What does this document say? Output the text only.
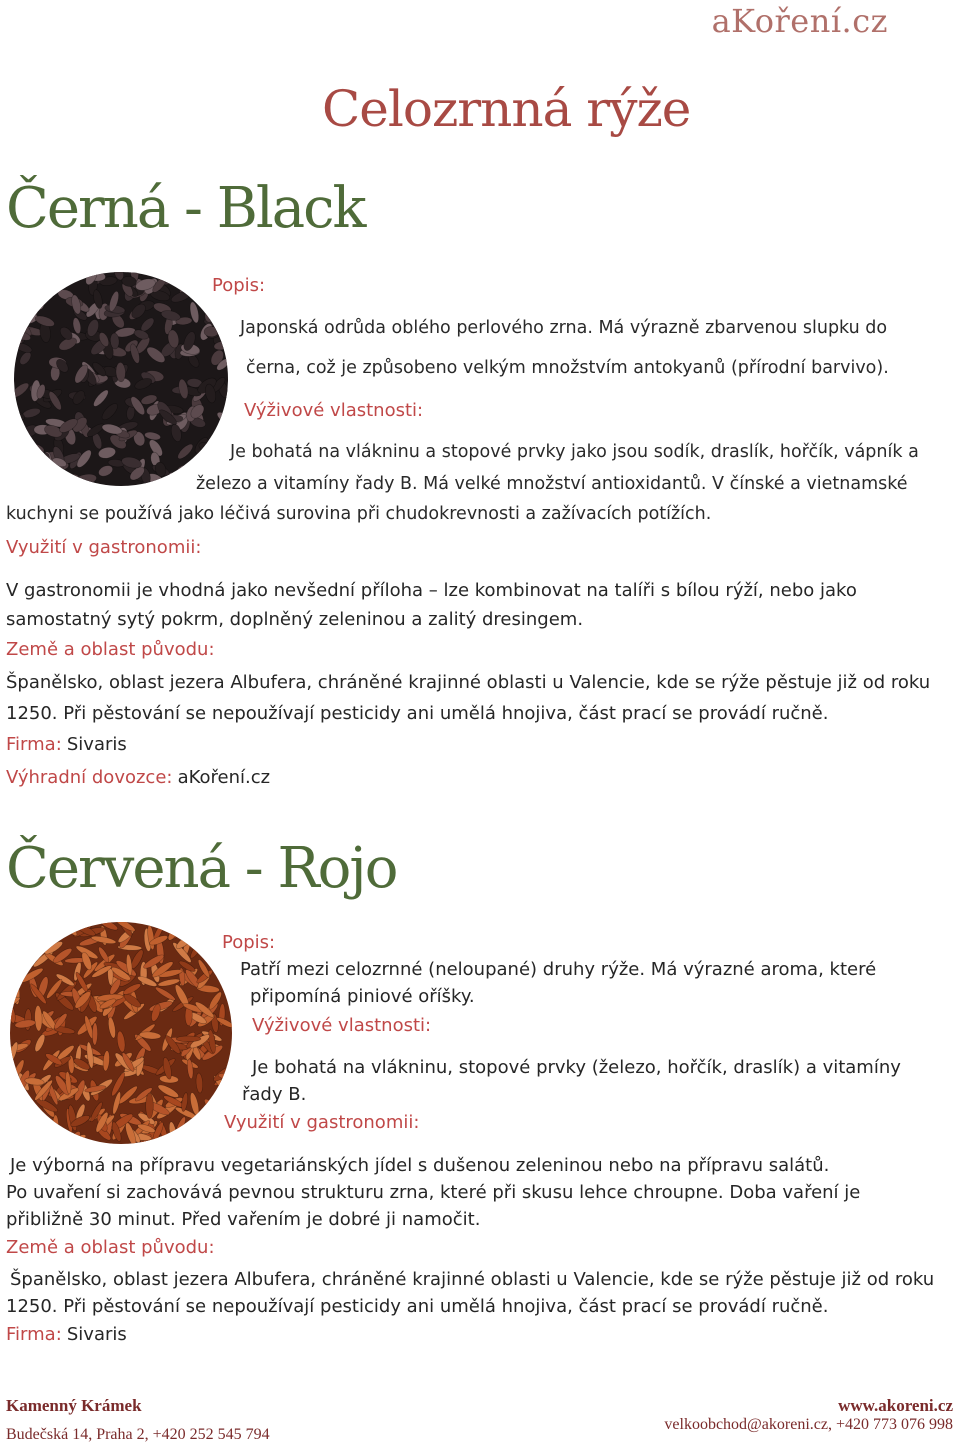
aKoření.cz
Celozrnná rýže
Černá - Black
Popis:
Japonská odrůda oblého perlového zrna. Má výrazně zbarvenou slupku do
černa, což je způsobeno velkým množstvím antokyanů (přírodní barvivo).
Výživové vlastnosti:
Je bohatá na vlákninu a stopové prvky jako jsou sodík, draslík, hořčík, vápník a
železo a vitamíny řady B. Má velké množství antioxidantů. V čínské a vietnamské
kuchyni se používá jako léčivá surovina při chudokrevnosti a zažívacích potížích.
Využití v gastronomii:
V gastronomii je vhodná jako nevšední příloha – lze kombinovat na talíři s bílou rýží, nebo jako
samostatný sytý pokrm, doplněný zeleninou a zalitý dresingem.
Země a oblast původu:
Španělsko, oblast jezera Albufera, chráněné krajinné oblasti u Valencie, kde se rýže pěstuje již od roku
1250. Při pěstování se nepoužívají pesticidy ani umělá hnojiva, část prací se provádí ručně.
Firma: Sivaris
Výhradní dovozce: aKoření.cz
Červená - Rojo
Popis:
Patří mezi celozrnné (neloupané) druhy rýže. Má výrazné aroma, které
připomíná piniové oříšky.
Výživové vlastnosti:
Je bohatá na vlákninu, stopové prvky (železo, hořčík, draslík) a vitamíny
řady B.
Využití v gastronomii:
Je výborná na přípravu vegetariánských jídel s dušenou zeleninou nebo na přípravu salátů.
Po uvaření si zachovává pevnou strukturu zrna, které při skusu lehce chroupne. Doba vaření je
přibližně 30 minut. Před vařením je dobré ji namočit.
Země a oblast původu:
Španělsko, oblast jezera Albufera, chráněné krajinné oblasti u Valencie, kde se rýže pěstuje již od roku
1250. Při pěstování se nepoužívají pesticidy ani umělá hnojiva, část prací se provádí ručně.
Firma: Sivaris
Kamenný Krámek
Budečská 14, Praha 2, +420 252 545 794
www.akoreni.cz
velkoobchod@akoreni.cz, +420 773 076 998
